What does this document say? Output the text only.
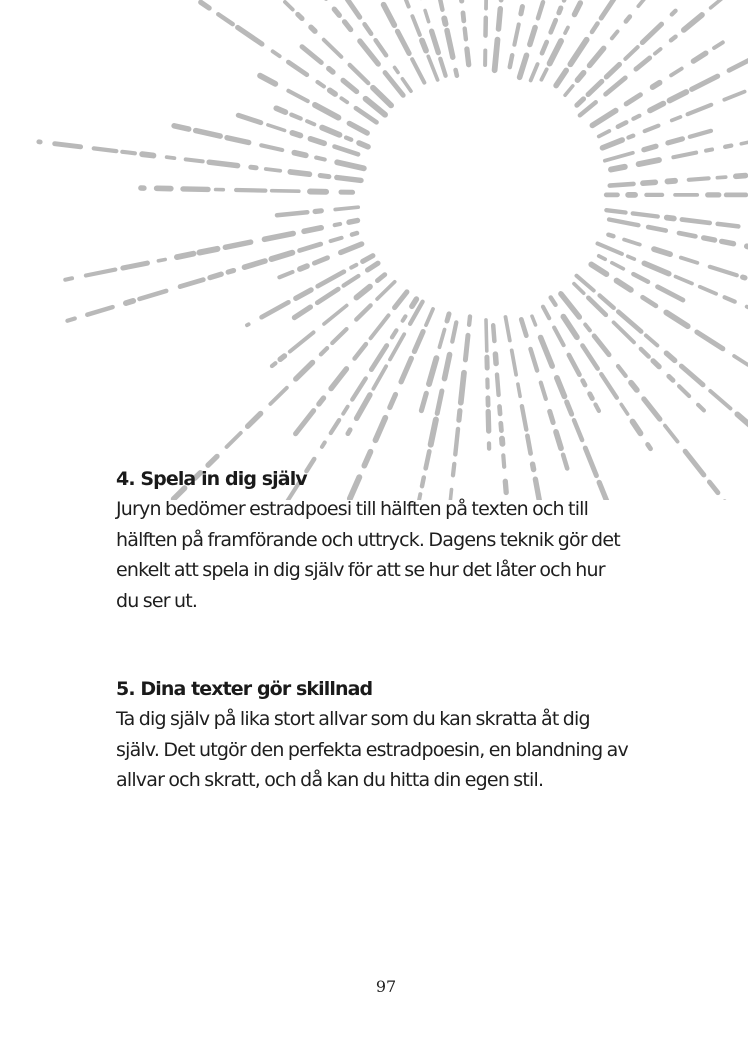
4. Spela in dig själv

Juryn bedömer estradpoesi till hälften på texten och till

hälften på framförande och uttryck. Dagens teknik gör det

enkelt att spela in dig själv för att se hur det låter och hur

du ser ut.

5. Dina texter gör skillnad

Ta dig själv på lika stort allvar som du kan skratta åt dig

själv. Det utgör den perfekta estradpoesin, en blandning av

allvar och skratt, och då kan du hitta din egen stil.

97
